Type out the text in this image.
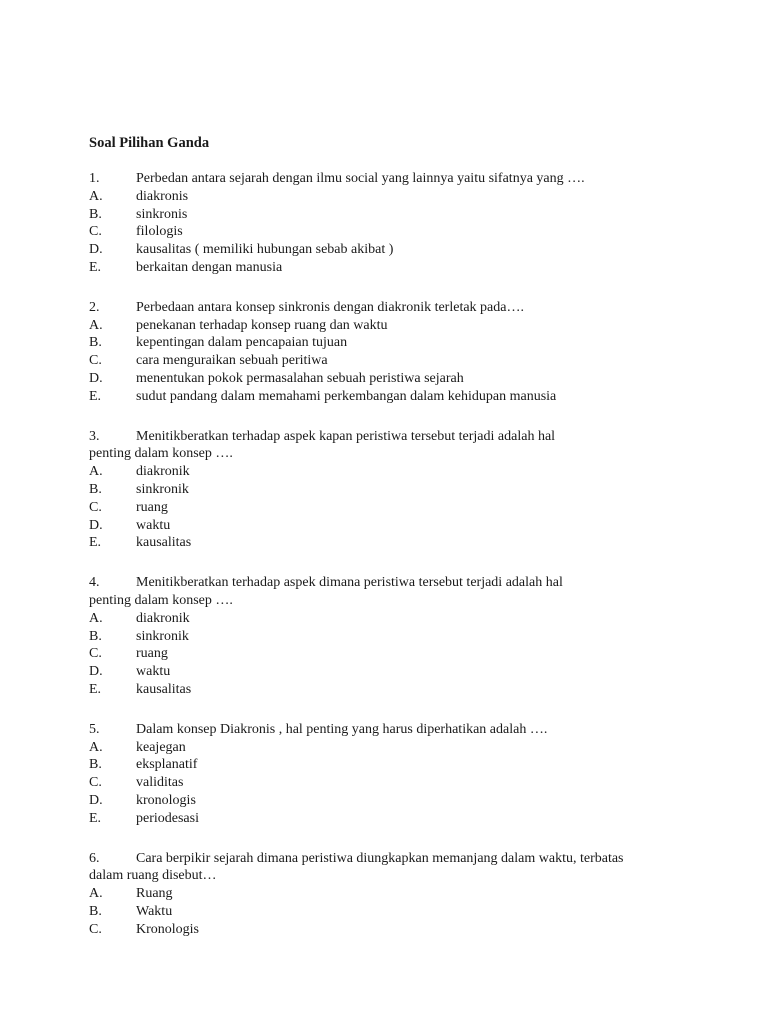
Soal Pilihan Ganda
1.	Perbedan antara sejarah dengan ilmu social yang lainnya yaitu sifatnya yang ….
A.	diakronis
B.	sinkronis
C.	filologis
D.	kausalitas ( memiliki hubungan sebab akibat )
E.	berkaitan dengan manusia
2.	Perbedaan antara konsep sinkronis dengan diakronik terletak pada….
A.	penekanan terhadap konsep ruang dan waktu
B.	kepentingan dalam pencapaian tujuan
C.	cara menguraikan sebuah peritiwa
D.	menentukan pokok permasalahan sebuah peristiwa sejarah
E.	sudut pandang dalam memahami perkembangan dalam kehidupan manusia
3.	Menitikberatkan terhadap aspek kapan peristiwa tersebut terjadi adalah hal
penting dalam konsep ….
A.	diakronik
B.	sinkronik
C.	ruang
D.	waktu
E.	kausalitas
4.	Menitikberatkan terhadap aspek dimana peristiwa tersebut terjadi adalah hal
penting dalam konsep ….
A.	diakronik
B.	sinkronik
C.	ruang
D.	waktu
E.	kausalitas
5.	Dalam konsep Diakronis , hal penting yang harus diperhatikan adalah ….
A.	keajegan
B.	eksplanatif
C.	validitas
D.	kronologis
E.	periodesasi
6.	Cara berpikir sejarah dimana peristiwa diungkapkan memanjang dalam waktu, terbatas
dalam ruang disebut…
A.	Ruang
B.	Waktu
C.	Kronologis
